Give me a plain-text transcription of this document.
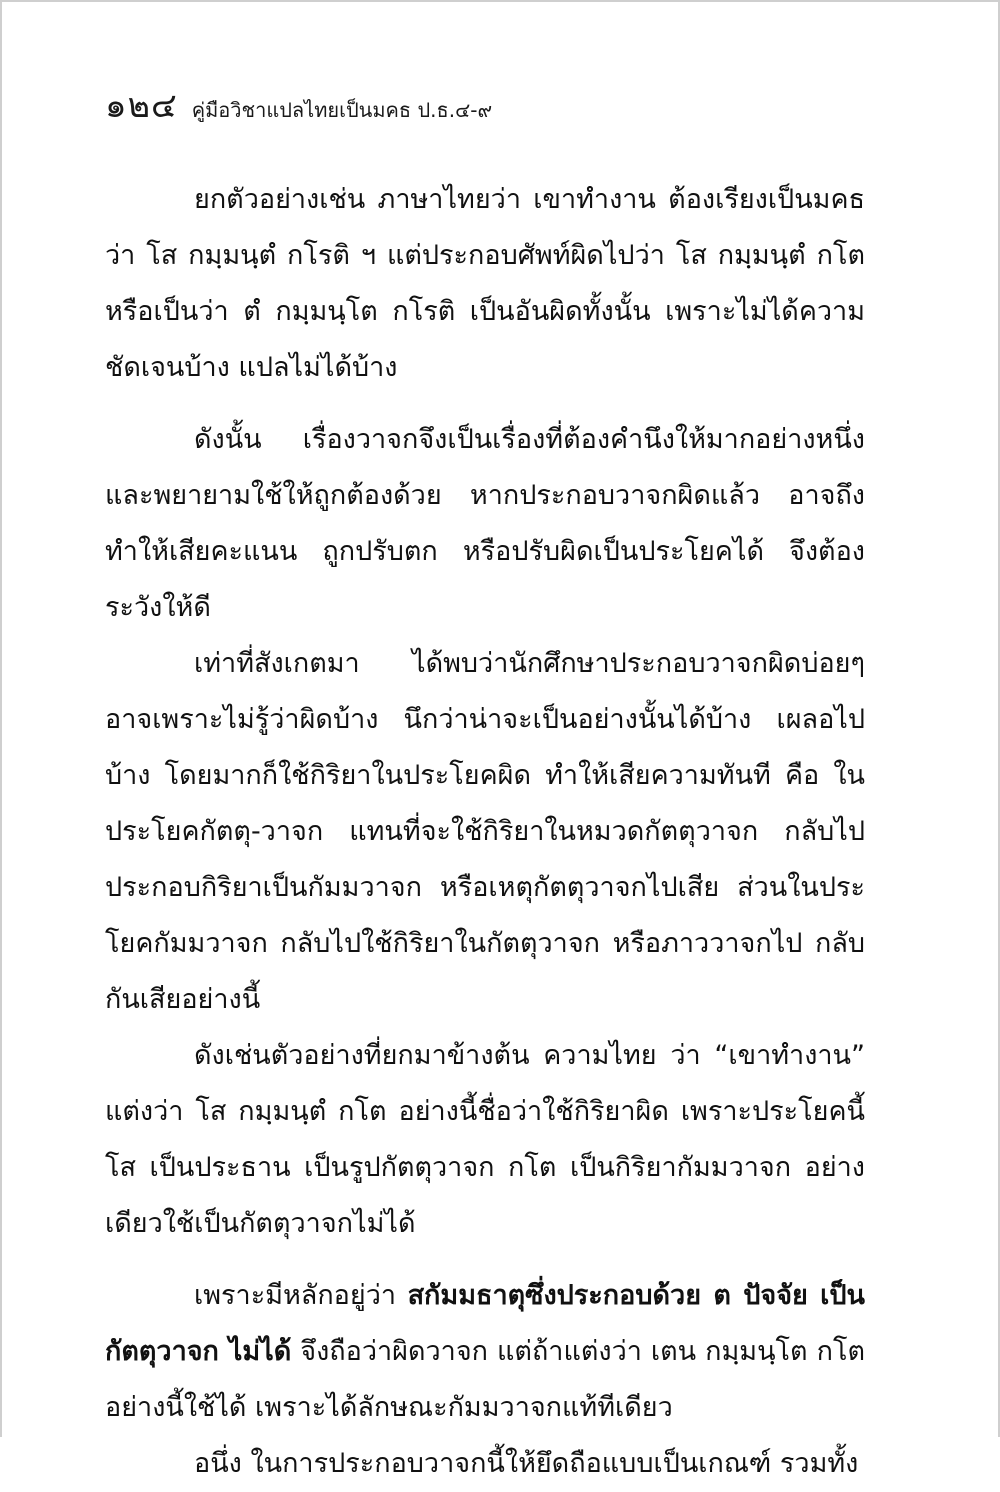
๑๒๔ คู่มือวิชาแปลไทยเป็นมคธ ป.ธ.๔-๙

ยกตัวอย่างเช่น ภาษาไทยว่า เขาทำงาน ต้องเรียงเป็นมคธว่า โส กมฺมนฺตํ กโรติ ฯ แต่ประกอบศัพท์ผิดไปว่า โส กมฺมนฺตํ กโต หรือเป็นว่า ตํ กมฺมนฺโต กโรติ เป็นอันผิดทั้งนั้น เพราะไม่ได้ความชัดเจนบ้าง แปลไม่ได้บ้าง

ดังนั้น เรื่องวาจกจึงเป็นเรื่องที่ต้องคำนึงให้มากอย่างหนึ่งและพยายามใช้ให้ถูกต้องด้วย หากประกอบวาจกผิดแล้ว อาจถึงทำให้เสียคะแนน ถูกปรับตก หรือปรับผิดเป็นประโยคได้ จึงต้องระวังให้ดี

เท่าที่สังเกตมา ได้พบว่านักศึกษาประกอบวาจกผิดบ่อยๆ อาจเพราะไม่รู้ว่าผิดบ้าง นึกว่าน่าจะเป็นอย่างนั้นได้บ้าง เผลอไปบ้าง โดยมากก็ใช้กิริยาในประโยคผิด ทำให้เสียความทันที คือ ในประโยคกัตตุ-วาจก แทนที่จะใช้กิริยาในหมวดกัตตุวาจก กลับไปประกอบกิริยาเป็นกัมมวาจก หรือเหตุกัตตุวาจกไปเสีย ส่วนในประโยคกัมมวาจก กลับไปใช้กิริยาในกัตตุวาจก หรือภาววาจกไป กลับกันเสียอย่างนี้

ดังเช่นตัวอย่างที่ยกมาข้างต้น ความไทย ว่า “เขาทำงาน” แต่งว่า โส กมฺมนฺตํ กโต อย่างนี้ชื่อว่าใช้กิริยาผิด เพราะประโยคนี้ โส เป็นประธาน เป็นรูปกัตตุวาจก กโต เป็นกิริยากัมมวาจก อย่างเดียวใช้เป็นกัตตุวาจกไม่ได้

เพราะมีหลักอยู่ว่า สกัมมธาตุซึ่งประกอบด้วย ต ปัจจัย เป็นกัตตุวาจก ไม่ได้ จึงถือว่าผิดวาจก แต่ถ้าแต่งว่า เตน กมฺมนฺโต กโต อย่างนี้ใช้ได้ เพราะได้ลักษณะกัมมวาจกแท้ทีเดียว

อนึ่ง ในการประกอบวาจกนี้ให้ยึดถือแบบเป็นเกณฑ์ รวมทั้ง
